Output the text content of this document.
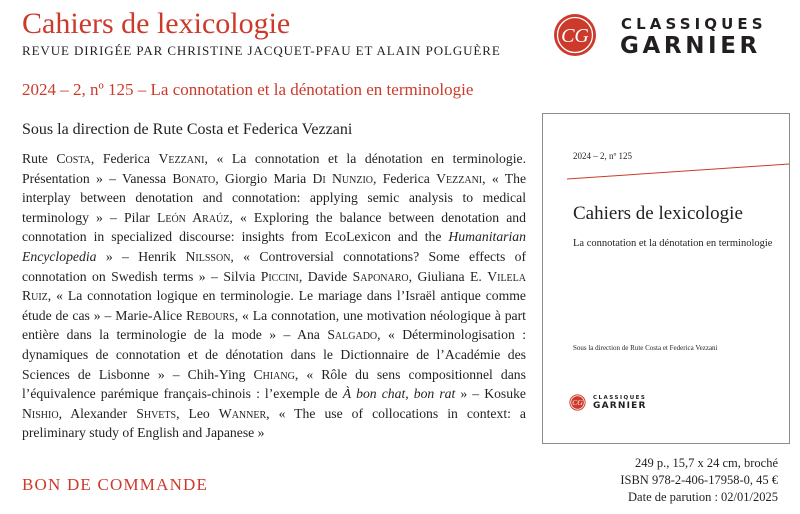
Cahiers de lexicologie
REVUE DIRIGÉE PAR CHRISTINE JACQUET-PFAU ET ALAIN POLGUÈRE
2024 – 2, nº 125 – La connotation et la dénotation en terminologie
CG
CLASSIQUES
GARNIER
Sous la direction de Rute Costa et Federica Vezzani
Rute Costa, Federica Vezzani, « La connotation et la dénotation en terminologie. Présentation » – Vanessa Bonato, Giorgio Maria Di Nunzio, Federica Vezzani, « The interplay between denotation and connotation: applying semic analysis to medical terminology » – Pilar León Araúz, « Exploring the balance between denotation and connotation in specialized discourse: insights from EcoLexicon and the Humanitarian Encyclopedia » – Henrik Nilsson, « Controversial connotations? Some effects of connotation on Swedish terms » – Silvia Piccini, Davide Saponaro, Giuliana E. Vilela Ruiz, « La connotation logique en terminologie. Le mariage dans l’Israël antique comme étude de cas » – Marie-Alice Rebours, « La connotation, une motivation néologique à part entière dans la terminologie de la mode » – Ana Salgado, « Déterminologisation : dynamiques de connotation et de dénotation dans le Dictionnaire de l’Académie des Sciences de Lisbonne » – Chih-Ying Chiang, « Rôle du sens compositionnel dans l’équivalence parémique français-chinois : l’exemple de À bon chat, bon rat » – Kosuke Nishio, Alexander Shvets, Leo Wanner, « The use of collocations in context: a preliminary study of English and Japanese »
BON DE COMMANDE
2024 – 2, nº 125
Cahiers de lexicologie
La connotation et la dénotation en terminologie
Sous la direction de Rute Costa et Federica Vezzani
CG
CLASSIQUES
GARNIER
249 p., 15,7 x 24 cm, broché
ISBN 978-2-406-17958-0, 45 €
Date de parution : 02/01/2025
